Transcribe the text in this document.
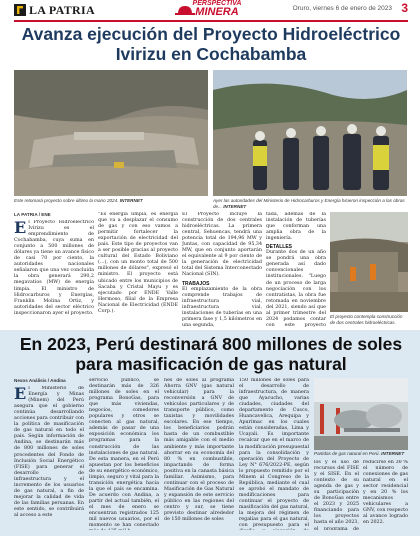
LA PATRIA	PERSPECTIVA
MINERA	Oruro, viernes 6 de enero de 2023 3
Avanza ejecución del Proyecto Hidroeléctrico Ivirizu en Cochabamba
Este retomará proyecto sobre último la mano 2024. INTERNET	Ayer las autoridades del Ministerio de Hidrocarburos y Energía hicieron inspección a las obras de... INTERNET
LA PATRIA / ENE
El Proyecto Hidroeléctrico Ivirizu es el emprendimiento de Cochabamba, cuya suma en conjunto a 500 millones de dólares ya tiene un avance físico de casi 70 por ciento, la autoridades nacionales señalaron que una vez concluida la obra generará 290,2 megavatios (MW) de energía limpia. El ministro de Hidrocarburos y Energías, Franklin Molina Ortiz, y autoridades del sector eléctrico inspeccionaron ayer el proyecto.

"Es energía limpia, es energía que va a desplazar el consumo de gas y con eso vamos a permitir fortalecer la exportación de electricidad del país. Este tipo de proyectos van a ser posible gracias al proyecto cultural del Estado Boliviano (...), con un monto total de 500 millones de dólares", expresó el ministro. El proyecto está ubicado entre los municipios de Sacaba y Cristal Mayu y es ejecutado por ENDE Valle Hermoso, filial de la Empresa Nacional de Electricidad (ENDE Corp.).

El Proyecto incluye la construcción de dos centrales hidroeléctricas. La primera central, Sehuencas, tendrá una potencia total de 194,96 MW y Juntas, con capacidad de 95,34 MW, que en conjunto aportarán el equivalente al 9 por ciento de la generación de electricidad total del Sistema Interconectado Nacional (SIN).

TRABAJOS

El emplazamiento de la obra comprende trabajos de infraestructura vial, infraestructura vial, instalaciones de tuberías en una primera fase y 1,5 kilómetros en una segunda,

tada, además de la instalación de tuberías que conforman una amplia obra de la ingeniería.

DETALLES

Durante dos de un año se pondrá una obra generada así dado convencionales institucionales. "Luego de un proceso de larga negociación con los contratistas, la obra fue retomada en noviembre del 2021, siendo así que al primer trimestre del 2024 podamos contar con este proyecto

El proyecto contempla construcción de dos centrales hidroeléctricas.
En 2023, Perú destinará 800 millones de soles para masificación de gas natural
Nexos Análisis / Andina
El Ministerio de Energía y Minas (Minem) del Perú asegura que el gobierno continúa desarrollando acciones para contribuir con la política de masificación de gas natural en todo el país. Según información de Andina, se destinarán más de 800 millones de soles procedentes del Fondo de Inclusión Social Energético (FISE) para generar el desarrollo de infraestructura y el incremento de los usuarios de gas natural, a fin de mejorar la calidad de vida de las familias peruanas. En este sentido, se contribuirá al acceso a este

servicio público, se destinarán más de 326 millones de soles en el programa BonoGas, para que más viviendas, negocios, comedores populares y otros se conecten al gas natural, además de pasar de una exposición económica los programas para la construcción de las instalaciones de gas natural. De esta manera, en el Perú apuestan por los beneficios de su energético económico, limpio, seguro y vital para la transición energética hacia la que el país se encamina. De acuerdo con Andina, a partir del actual también, el el mes de enero se encuentran registrados 125 mil nuevos usuarios, por el momento se han conectado

nes de soles al programa Ahorra GNV (gas natural vehicular) para la reconversión a GNV de vehículos particulares y de transporte público, como taxistas y movilidades escolares. En ese tiempo, los beneficiarios podrán hasta de un combustible más amigable con el medio ambiente y más importante ahorrar en su economía del 80 % en combustible, impactando de forma positiva en la canasta básica familiar. Asimismo, para continuar con el proceso de Masificación de Gas Natural y expansión de este servicio público en las regiones del centro y sur, se tiene previsto destinar alrededor de 150 millones de soles

150 millones de soles para el desarrollo de infraestructura, de manera que Ayacucho, varias ciudades, ciudades del departamento de Cusco, Huancavelica, Arequipa y Apurímac en los cuales están consideradas, Lima y Ucayali. Es importante recalcar que en el marco de la modificación presupuestal para la consolidación y operación del Proyecto de Ley N° 676/2022-PE, según lo propuesto remitido por el Minem al Congreso de la República, mediante el cual se aprobó el mandato de modificaciones para continuar el proyecto de masificación del gas natural, la mejora del régimen de regalías para el gas natural, con presupuesto para el

Partidas de gas natural en Perú. INTERNET

los y el uso de recursos del FISE y el SISE. En el contexto de su agenda de gas y su participación de BonoGas entre el 2023 y 2025 financiando para los proyectos hasta el año 2023, el programa de

reducirse en 30 % el número de conexiones de gas natural en el sector residencial y en 20 % los mecanismos vehiculares a GNV, con respecto al avance logrado en 2022.
